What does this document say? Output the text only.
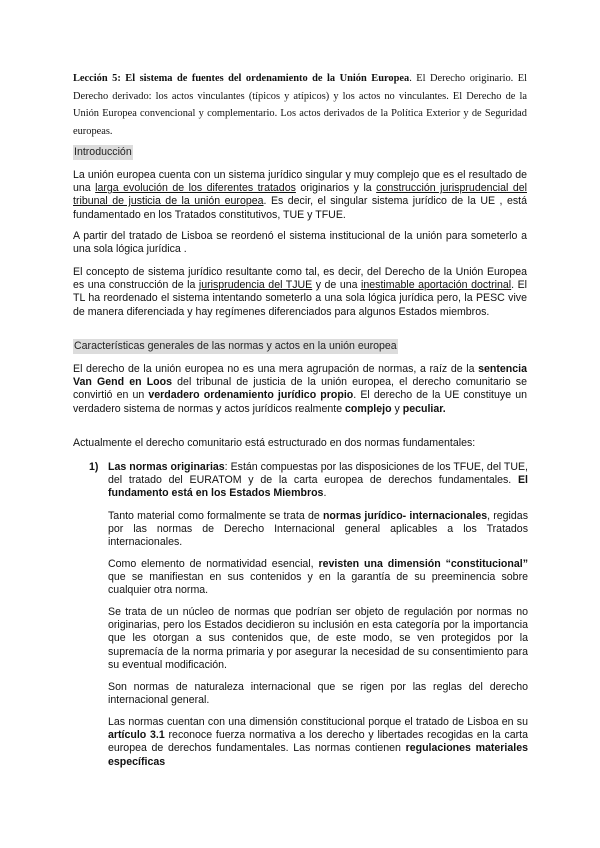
Lección 5: El sistema de fuentes del ordenamiento de la Unión Europea. El Derecho originario. El Derecho derivado: los actos vinculantes (típicos y atípicos) y los actos no vinculantes. El Derecho de la Unión Europea convencional y complementario. Los actos derivados de la Política Exterior y de Seguridad europeas.
Introducción
La unión europea cuenta con un sistema jurídico singular y muy complejo que es el resultado de una larga evolución de los diferentes tratados originarios y la construcción jurisprudencial del tribunal de justicia de la unión europea. Es decir, el singular sistema jurídico de la UE , está fundamentado en los Tratados constitutivos, TUE y TFUE.
A partir del tratado de Lisboa se reordenó el sistema institucional de la unión para someterlo a una sola lógica jurídica .
El concepto de sistema jurídico resultante como tal, es decir, del Derecho de la Unión Europea es una construcción de la jurisprudencia del TJUE y de una inestimable aportación doctrinal. El TL ha reordenado el sistema intentando someterlo a una sola lógica jurídica pero, la PESC vive de manera diferenciada y hay regímenes diferenciados para algunos Estados miembros.
Características generales de las normas y actos en la unión europea
El derecho de la unión europea no es una mera agrupación de normas, a raíz de la sentencia Van Gend en Loos del tribunal de justicia de la unión europea, el derecho comunitario se convirtió en un verdadero ordenamiento jurídico propio. El derecho de la UE constituye un verdadero sistema de normas y actos jurídicos realmente complejo y peculiar.
Actualmente el derecho comunitario está estructurado en dos normas fundamentales:
1) Las normas originarias: Están compuestas por las disposiciones de los TFUE, del TUE, del tratado del EURATOM y de la carta europea de derechos fundamentales. El fundamento está en los Estados Miembros.
Tanto material como formalmente se trata de normas jurídico- internacionales, regidas por las normas de Derecho Internacional general aplicables a los Tratados internacionales.
Como elemento de normatividad esencial, revisten una dimensión “constitucional” que se manifiestan en sus contenidos y en la garantía de su preeminencia sobre cualquier otra norma.
Se trata de un núcleo de normas que podrían ser objeto de regulación por normas no originarias, pero los Estados decidieron su inclusión en esta categoría por la importancia que les otorgan a sus contenidos que, de este modo, se ven protegidos por la supremacía de la norma primaria y por asegurar la necesidad de su consentimiento para su eventual modificación.
Son normas de naturaleza internacional que se rigen por las reglas del derecho internacional general.
Las normas cuentan con una dimensión constitucional porque el tratado de Lisboa en su artículo 3.1 reconoce fuerza normativa a los derecho y libertades recogidas en la carta europea de derechos fundamentales. Las normas contienen regulaciones materiales específicas
